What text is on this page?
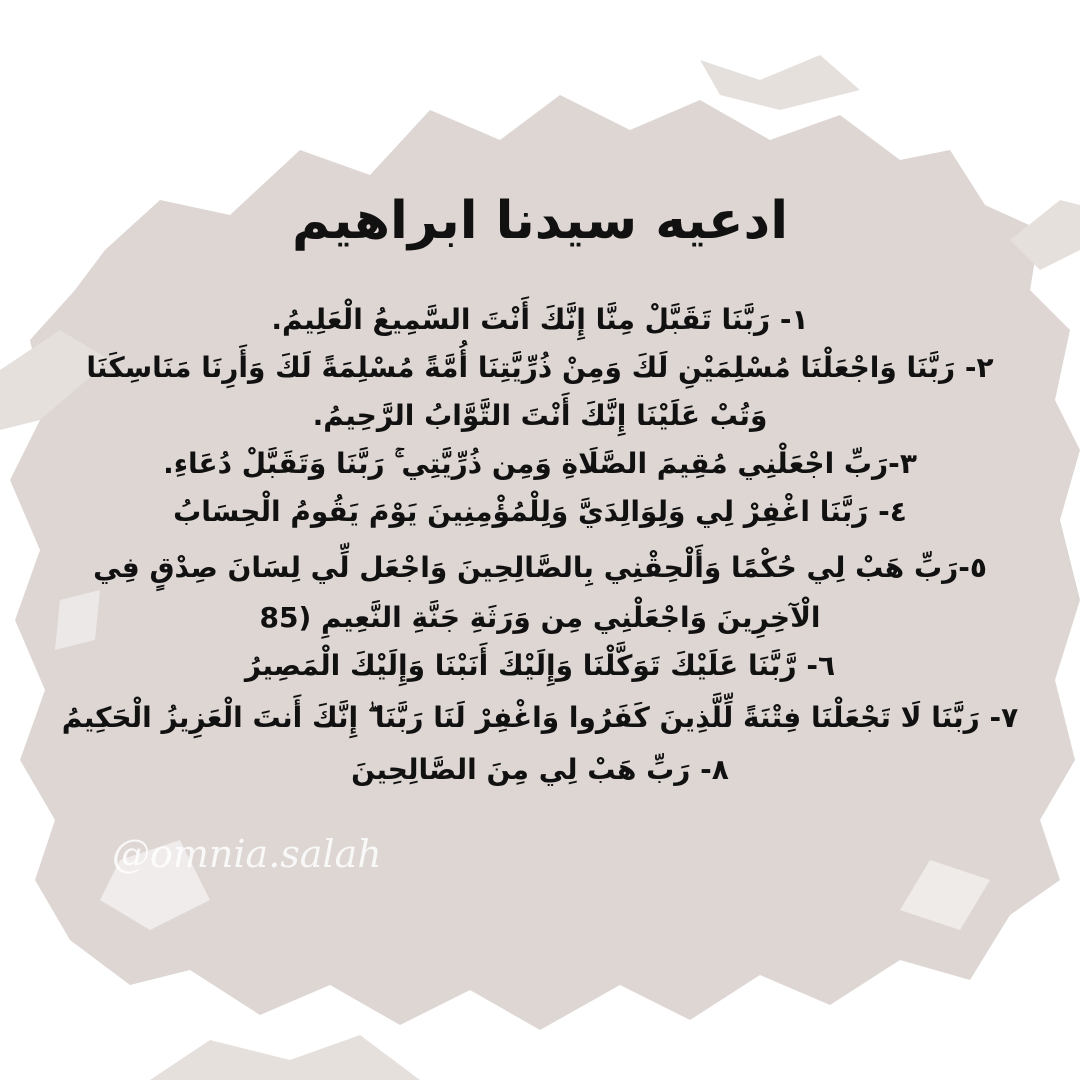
ادعيه سيدنا ابراهيم
١- رَبَّنَا تَقَبَّلْ مِنَّا إِنَّكَ أَنْتَ السَّمِيعُ الْعَلِيمُ.
٢- رَبَّنَا وَاجْعَلْنَا مُسْلِمَيْنِ لَكَ وَمِنْ ذُرِّيَّتِنَا أُمَّةً مُسْلِمَةً لَكَ وَأَرِنَا مَنَاسِكَنَا
وَتُبْ عَلَيْنَا إِنَّكَ أَنْتَ التَّوَّابُ الرَّحِيمُ.
٣-رَبِّ اجْعَلْنِي مُقِيمَ الصَّلَاةِ وَمِن ذُرِّيَّتِي ۚ رَبَّنَا وَتَقَبَّلْ دُعَاءِ.
٤- رَبَّنَا اغْفِرْ لِي وَلِوَالِدَيَّ وَلِلْمُؤْمِنِينَ يَوْمَ يَقُومُ الْحِسَابُ
٥-رَبِّ هَبْ لِي حُكْمًا وَأَلْحِقْنِي بِالصَّالِحِينَ وَاجْعَل لِّي لِسَانَ صِدْقٍ فِي
الْآخِرِينَ وَاجْعَلْنِي مِن وَرَثَةِ جَنَّةِ النَّعِيمِ (85
٦- رَّبَّنَا عَلَيْكَ تَوَكَّلْنَا وَإِلَيْكَ أَنَبْنَا وَإِلَيْكَ الْمَصِيرُ
٧- رَبَّنَا لَا تَجْعَلْنَا فِتْنَةً لِّلَّذِينَ كَفَرُوا وَاغْفِرْ لَنَا رَبَّنَا ۖ إِنَّكَ أَنتَ الْعَزِيزُ الْحَكِيمُ
٨- رَبِّ هَبْ لِي مِنَ الصَّالِحِينَ
@omnia.salah
